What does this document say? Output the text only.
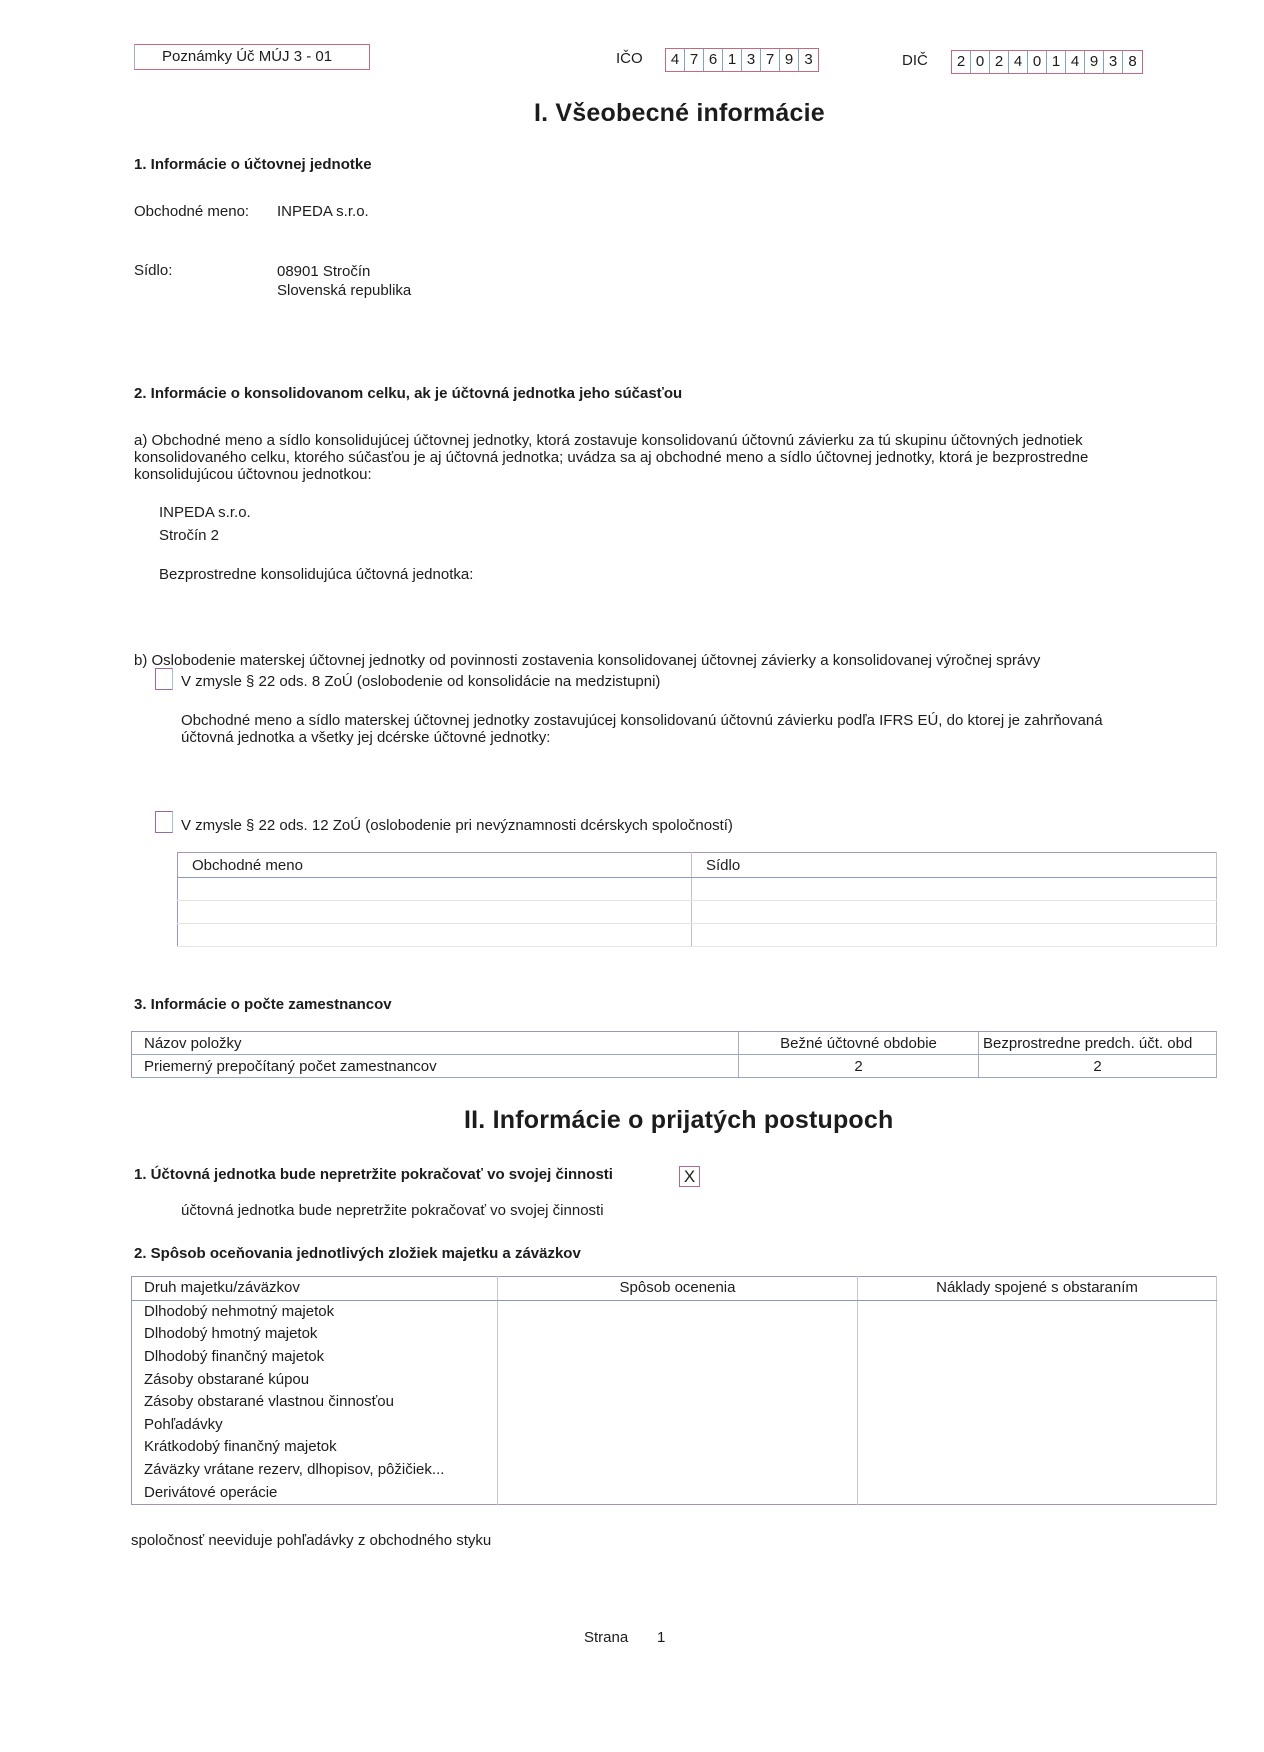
Poznámky Úč MÚJ 3 - 01	IČO	4 7 6 1 3 7 9 3	DIČ	2 0 2 4 0 1 4 9 3 8
I. Všeobecné informácie
1. Informácie o účtovnej jednotke
Obchodné meno: INPEDA s.r.o.
Sídlo:	08901 Stročín
Slovenská republika
2. Informácie o konsolidovanom celku, ak je účtovná jednotka jeho súčasťou
a) Obchodné meno a sídlo konsolidujúcej účtovnej jednotky, ktorá zostavuje konsolidovanú účtovnú závierku za tú skupinu účtovných jednotiek
konsolidovaného celku, ktorého súčasťou je aj účtovná jednotka; uvádza sa aj obchodné meno a sídlo účtovnej jednotky, ktorá je bezprostredne
konsolidujúcou účtovnou jednotkou:
INPEDA s.r.o.
Stročín 2
Bezprostredne konsolidujúca účtovná jednotka:
b) Oslobodenie materskej účtovnej jednotky od povinnosti zostavenia konsolidovanej účtovnej závierky a konsolidovanej výročnej správy
V zmysle § 22 ods. 8 ZoÚ (oslobodenie od konsolidácie na medzistupni)
Obchodné meno a sídlo materskej účtovnej jednotky zostavujúcej konsolidovanú účtovnú závierku podľa IFRS EÚ, do ktorej je zahrňovaná
účtovná jednotka a všetky jej dcérske účtovné jednotky:
V zmysle § 22 ods. 12 ZoÚ (oslobodenie pri nevýznamnosti dcérskych spoločností)
Obchodné meno	Sídlo

3. Informácie o počte zamestnancov
Názov položky	Bežné účtovné obdobie	Bezprostredne predch. účt. obd
Priemerný prepočítaný počet zamestnancov	2	2
II. Informácie o prijatých postupoch
1. Účtovná jednotka bude nepretržite pokračovať vo svojej činnosti	X
účtovná jednotka bude nepretržite pokračovať vo svojej činnosti
2. Spôsob oceňovania jednotlivých zložiek majetku a záväzkov
Druh majetku/záväzkov	Spôsob ocenenia	Náklady spojené s obstaraním
Dlhodobý nehmotný majetok		
Dlhodobý hmotný majetok		
Dlhodobý finančný majetok		
Zásoby obstarané kúpou		
Zásoby obstarané vlastnou činnosťou		
Pohľadávky		
Krátkodobý finančný majetok		
Záväzky vrátane rezerv, dlhopisov, pôžičiek...		
Derivátové operácie		
spoločnosť neeviduje pohľadávky z obchodného styku
Strana 1
